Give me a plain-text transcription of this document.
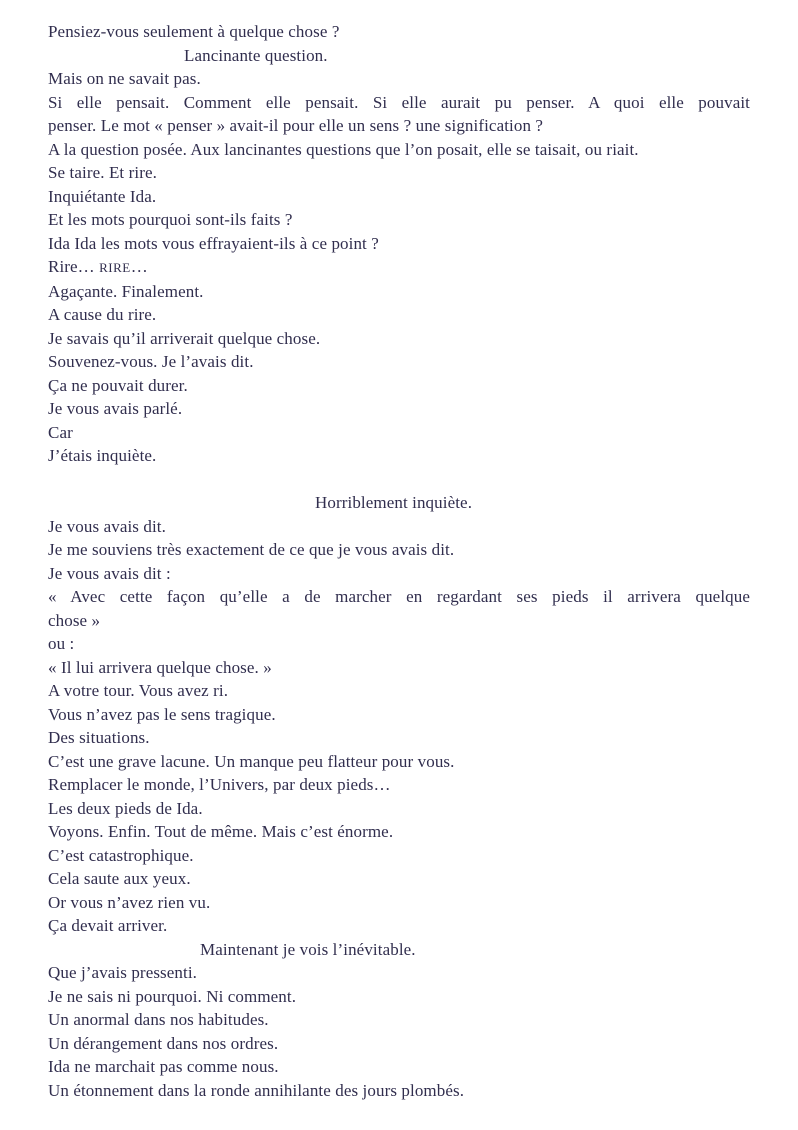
Pensiez-vous seulement à quelque chose ?
Lancinante question.
Mais on ne savait pas.
Si elle pensait. Comment elle pensait. Si elle aurait pu penser. A quoi elle pouvait
penser. Le mot « penser » avait-il pour elle un sens ? une signification ?
A la question posée. Aux lancinantes questions que l’on posait, elle se taisait, ou riait.
Se taire. Et rire.
Inquiétante Ida.
Et les mots pourquoi sont-ils faits ?
Ida Ida les mots vous effrayaient-ils à ce point ?
Rire… RIRE…
Agaçante. Finalement.
A cause du rire.
Je savais qu’il arriverait quelque chose.
Souvenez-vous. Je l’avais dit.
Ça ne pouvait durer.
Je vous avais parlé.
Car
J’étais inquiète.
Horriblement inquiète.
Je vous avais dit.
Je me souviens très exactement de ce que je vous avais dit.
Je vous avais dit :
« Avec cette façon qu’elle a de marcher en regardant ses pieds il arrivera quelque
chose »
ou :
« Il lui arrivera quelque chose. »
A votre tour. Vous avez ri.
Vous n’avez pas le sens tragique.
Des situations.
C’est une grave lacune. Un manque peu flatteur pour vous.
Remplacer le monde, l’Univers, par deux pieds…
Les deux pieds de Ida.
Voyons. Enfin. Tout de même. Mais c’est énorme.
C’est catastrophique.
Cela saute aux yeux.
Or vous n’avez rien vu.
Ça devait arriver.
Maintenant je vois l’inévitable.
Que j’avais pressenti.
Je ne sais ni pourquoi. Ni comment.
Un anormal dans nos habitudes.
Un dérangement dans nos ordres.
Ida ne marchait pas comme nous.
Un étonnement dans la ronde annihilante des jours plombés.
